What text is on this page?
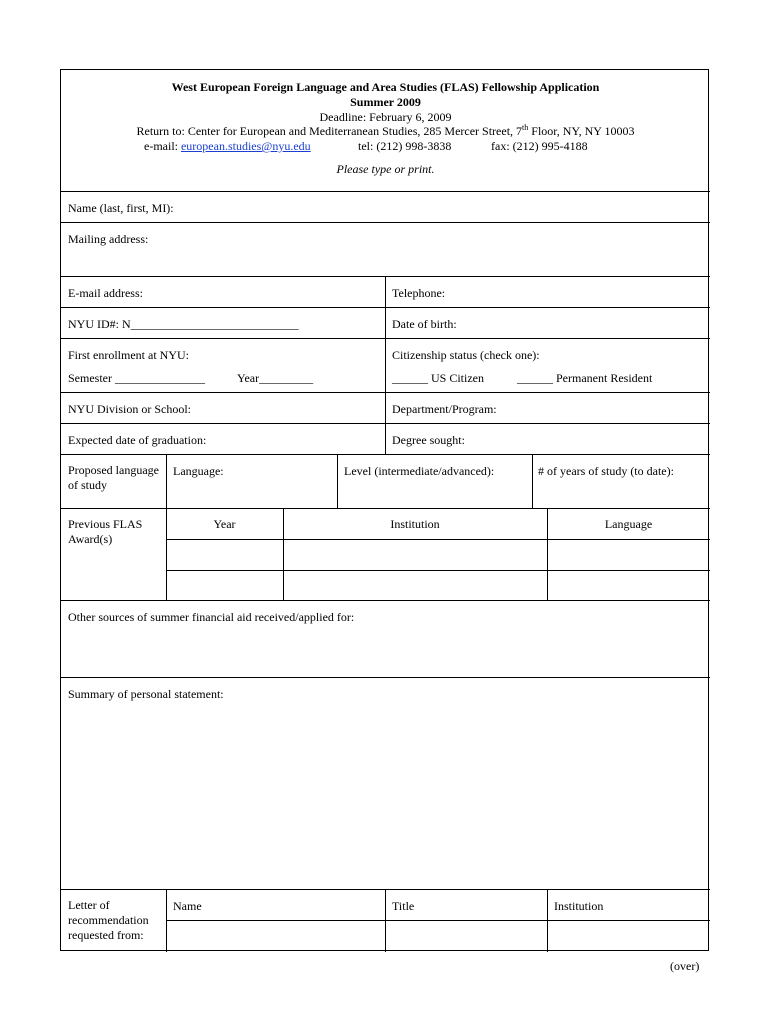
West European Foreign Language and Area Studies (FLAS) Fellowship Application
Summer 2009
Deadline: February 6, 2009
Return to: Center for European and Mediterranean Studies, 285 Mercer Street, 7th Floor, NY, NY 10003
e-mail: european.studies@nyu.edu	tel: (212) 998-3838	fax: (212) 995-4188
Please type or print.
Name (last, first, MI):
Mailing address:
E-mail address:	Telephone:
NYU ID#: N____________________________	Date of birth:
First enrollment at NYU:
Semester _______________	Year_________
Citizenship status (check one):
______ US Citizen	______ Permanent Resident
NYU Division or School:	Department/Program:
Expected date of graduation:	Degree sought:
Proposed language of study
Language:	Level (intermediate/advanced):	# of years of study (to date):
Previous FLAS Award(s)
Year	Institution	Language
Other sources of summer financial aid received/applied for:
Summary of personal statement:
Letter of recommendation requested from:
Name	Title	Institution
(over)
